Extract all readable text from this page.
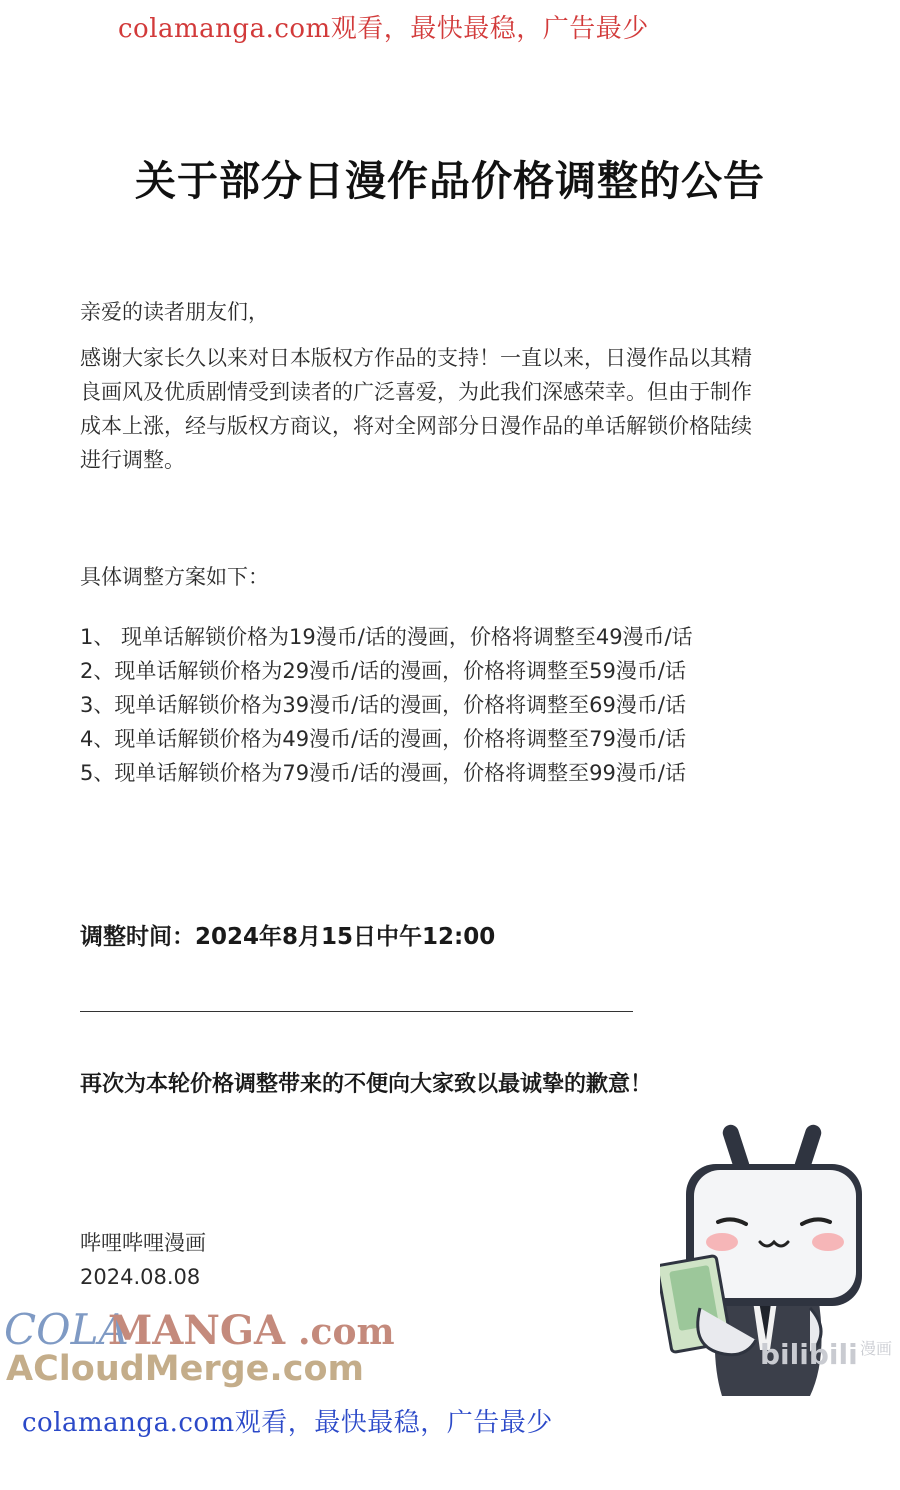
colamanga.com观看，最快最稳，广告最少
关于部分日漫作品价格调整的公告
亲爱的读者朋友们，
感谢大家长久以来对日本版权方作品的支持！一直以来，日漫作品以其精
良画风及优质剧情受到读者的广泛喜爱，为此我们深感荣幸。但由于制作
成本上涨，经与版权方商议，将对全网部分日漫作品的单话解锁价格陆续
进行调整。
具体调整方案如下：
1、 现单话解锁价格为19漫币/话的漫画，价格将调整至49漫币/话
2、现单话解锁价格为29漫币/话的漫画，价格将调整至59漫币/话
3、现单话解锁价格为39漫币/话的漫画，价格将调整至69漫币/话
4、现单话解锁价格为49漫币/话的漫画，价格将调整至79漫币/话
5、现单话解锁价格为79漫币/话的漫画，价格将调整至99漫币/话
调整时间：2024年8月15日中午12:00
再次为本轮价格调整带来的不便向大家致以最诚挚的歉意！
哔哩哔哩漫画
2024.08.08
bilibili 漫画
COLA
MANGA .com
ACloudMerge.com
colamanga.com观看，最快最稳，广告最少
